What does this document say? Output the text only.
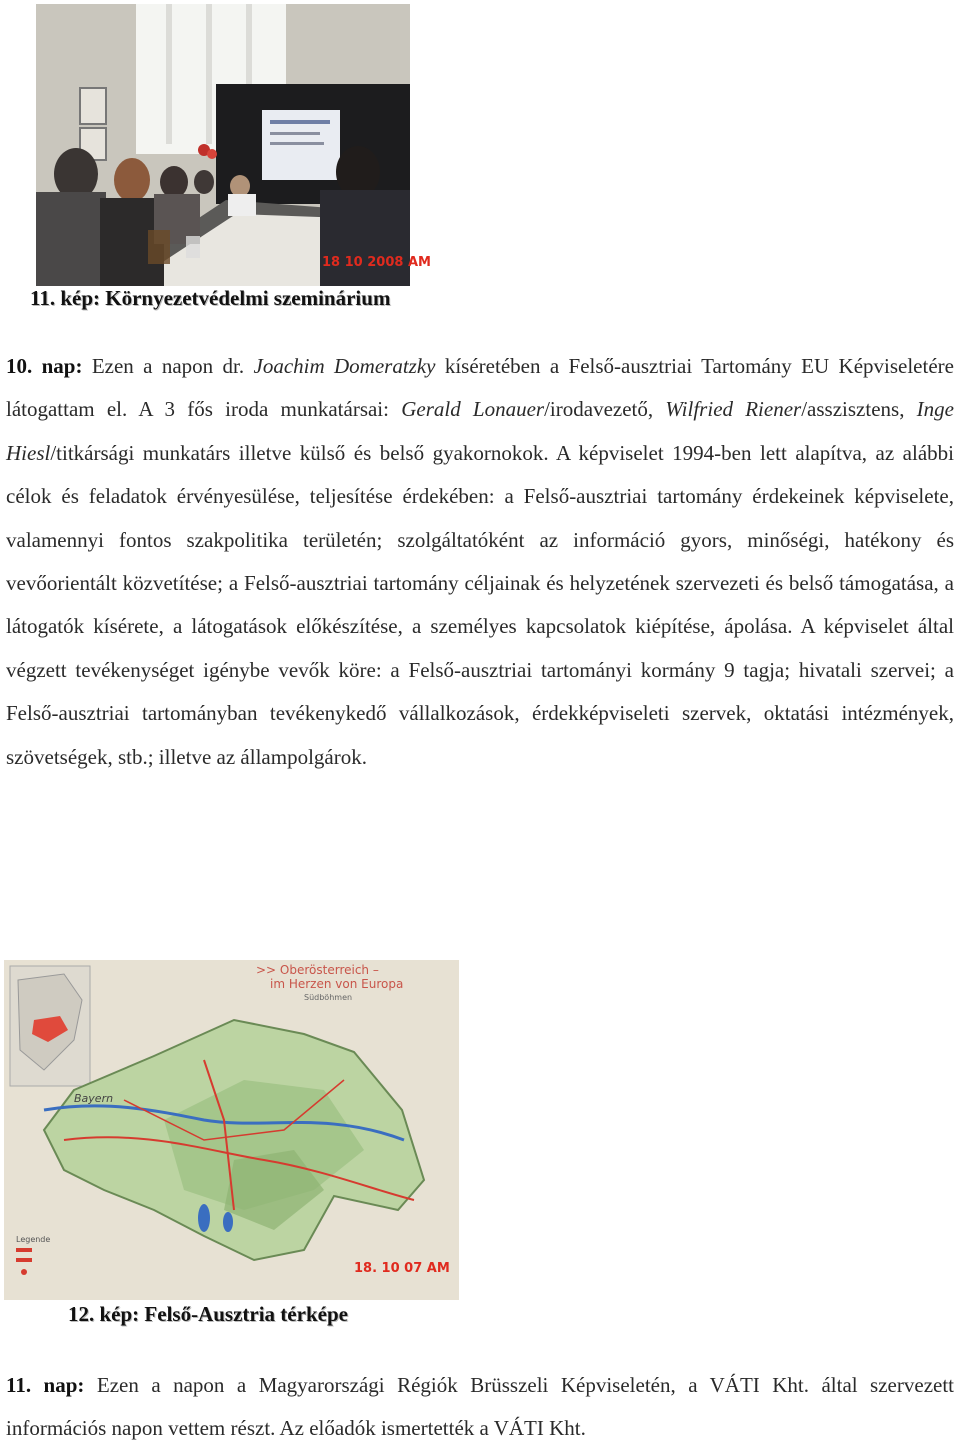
18 10 2008 AM
11. kép: Környezetvédelmi szeminárium
10. nap: Ezen a napon dr. Joachim Domeratzky kíséretében a Felső-ausztriai Tartomány EU Képviseletére látogattam el. A 3 fős iroda munkatársai: Gerald Lonauer/irodavezető, Wilfried Riener/asszisztens, Inge Hiesl/titkársági munkatárs illetve külső és belső gyakornokok. A képviselet 1994-ben lett alapítva, az alábbi célok és feladatok érvényesülése, teljesítése érdekében: a Felső-ausztriai tartomány érdekeinek képviselete, valamennyi fontos szakpolitika területén; szolgáltatóként az információ gyors, minőségi, hatékony és vevőorientált közvetítése; a Felső-ausztriai tartomány céljainak és helyzetének szervezeti és belső támogatása, a látogatók kísérete, a látogatások előkészítése, a személyes kapcsolatok kiépítése, ápolása. A képviselet által végzett tevékenységet igénybe vevők köre: a Felső-ausztriai tartományi kormány 9 tagja; hivatali szervei; a Felső-ausztriai tartományban tevékenykedő vállalkozások, érdekképviseleti szervek, oktatási intézmények, szövetségek, stb.; illetve az állampolgárok.
>> Oberösterreich –
im Herzen von Europa
Südböhmen
Bayern
Legende
18. 10 07 AM
12. kép: Felső-Ausztria térképe
11. nap: Ezen a napon a Magyarországi Régiók Brüsszeli Képviseletén, a VÁTI Kht. által szervezett információs napon vettem részt. Az előadók ismertették a VÁTI Kht.
